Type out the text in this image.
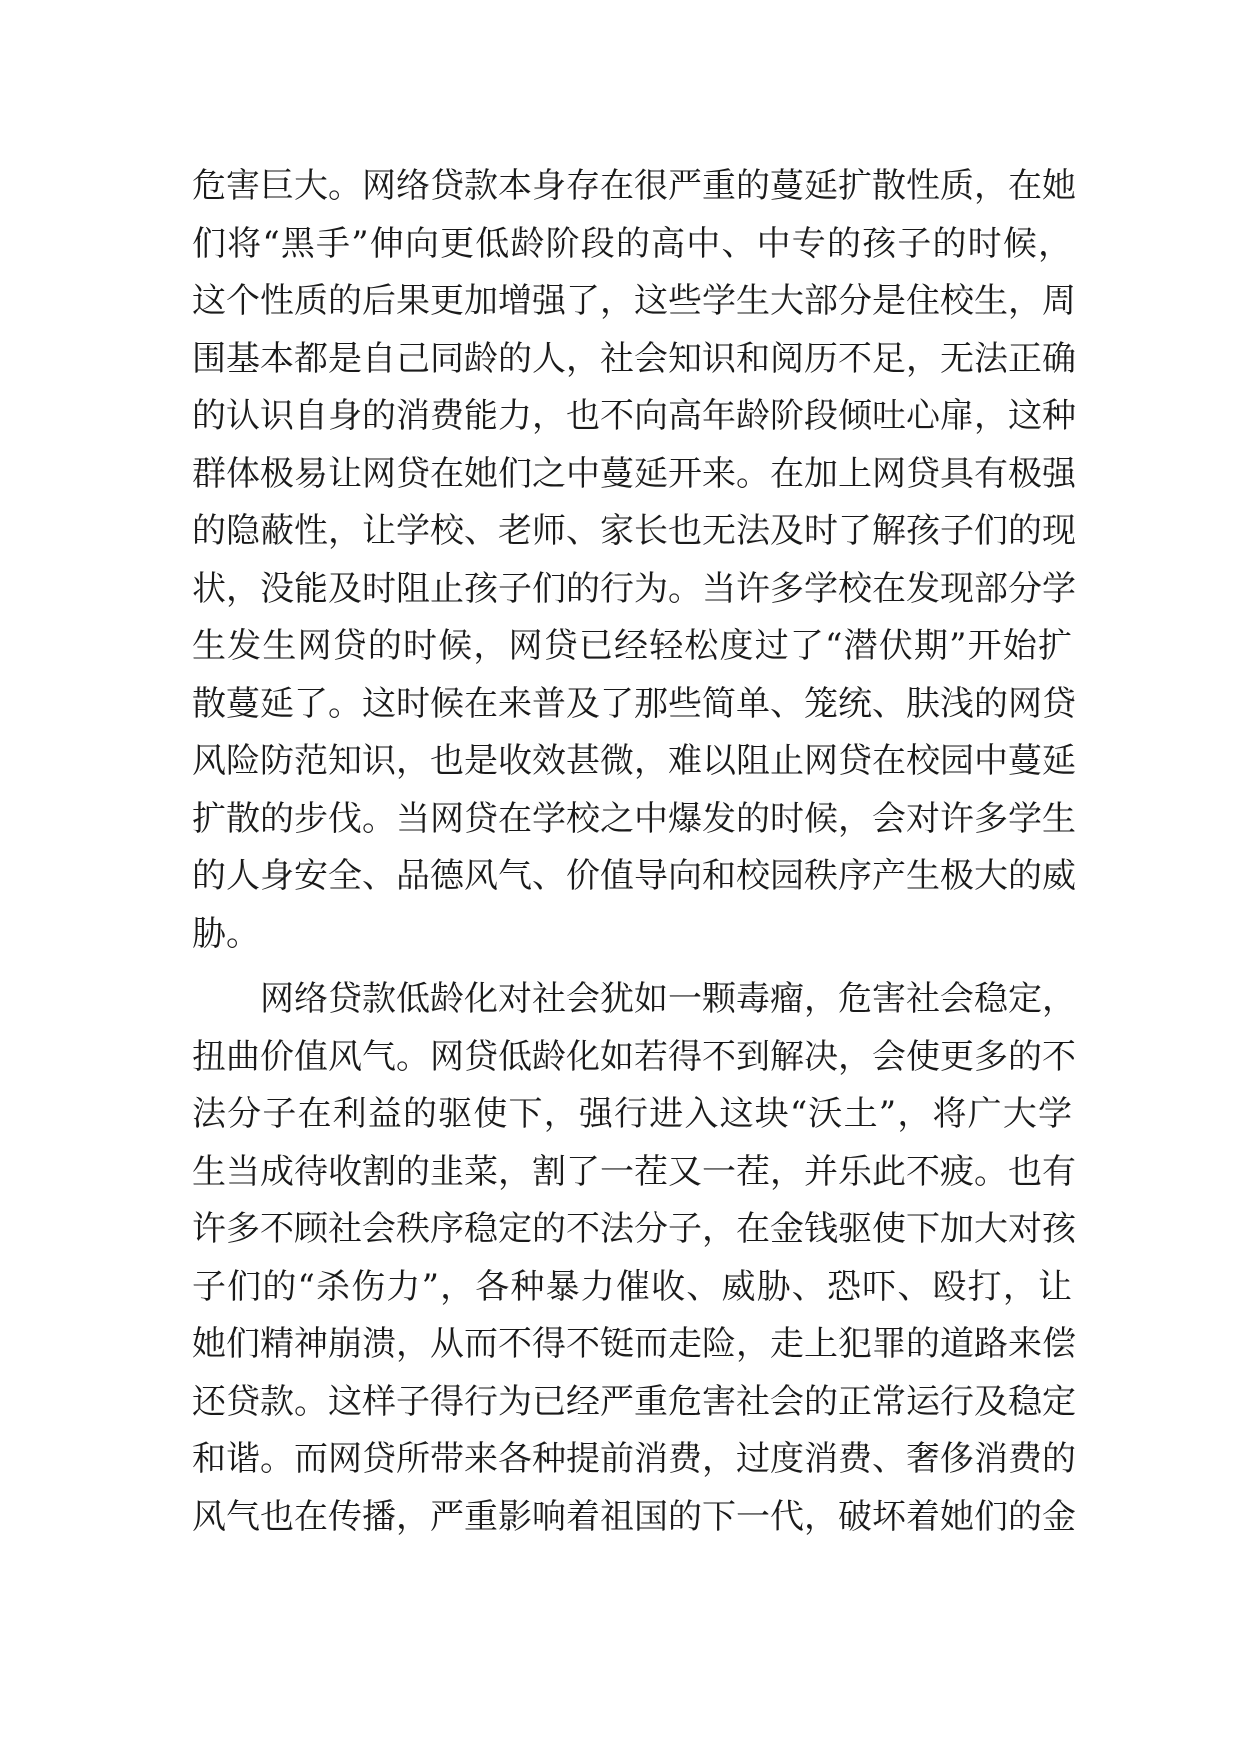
危害巨大。网络贷款本身存在很严重的蔓延扩散性质，在她
们将“黑手”伸向更低龄阶段的高中、中专的孩子的时候，
这个性质的后果更加增强了，这些学生大部分是住校生，周
围基本都是自己同龄的人，社会知识和阅历不足，无法正确
的认识自身的消费能力，也不向高年龄阶段倾吐心扉，这种
群体极易让网贷在她们之中蔓延开来。在加上网贷具有极强
的隐蔽性，让学校、老师、家长也无法及时了解孩子们的现
状，没能及时阻止孩子们的行为。当许多学校在发现部分学
生发生网贷的时候，网贷已经轻松度过了“潜伏期”开始扩
散蔓延了。这时候在来普及了那些简单、笼统、肤浅的网贷
风险防范知识，也是收效甚微，难以阻止网贷在校园中蔓延
扩散的步伐。当网贷在学校之中爆发的时候，会对许多学生
的人身安全、品德风气、价值导向和校园秩序产生极大的威
胁。
网络贷款低龄化对社会犹如一颗毒瘤，危害社会稳定，
扭曲价值风气。网贷低龄化如若得不到解决，会使更多的不
法分子在利益的驱使下，强行进入这块“沃土”，将广大学
生当成待收割的韭菜，割了一茬又一茬，并乐此不疲。也有
许多不顾社会秩序稳定的不法分子，在金钱驱使下加大对孩
子们的“杀伤力”，各种暴力催收、威胁、恐吓、殴打，让
她们精神崩溃，从而不得不铤而走险，走上犯罪的道路来偿
还贷款。这样子得行为已经严重危害社会的正常运行及稳定
和谐。而网贷所带来各种提前消费，过度消费、奢侈消费的
风气也在传播，严重影响着祖国的下一代，破坏着她们的金
